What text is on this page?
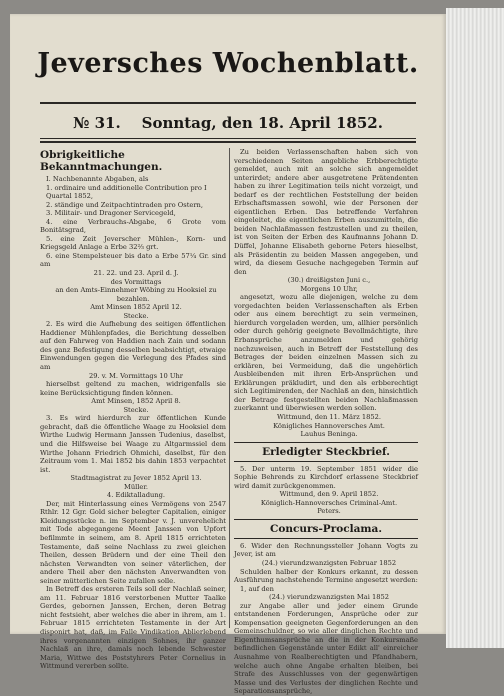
Jeversches Wochenblatt.
№ 31. Sonntag, den 18. April 1852.
Obrigkeitliche Bekanntmachungen.

I. Nachbenannte Abgaben, als

1. ordinaire und additionelle Contribution pro I

Quartal 1852,

2. ständige und Zeitpachtintraden pro Ostern,

3. Militair- und Dragoner Servicegeld,

4. eine Verbrauchs-Abgabe, 6 Grote vom Bonitätsgrad,

5. eine Zeit Jeverscher Mühlen-, Korn- und Kriegsgeld Anlage a Erbe 32⅔ grt.

6. eine Stempelsteuer bis dato a Erbe 57¼ Gr. sind am

21. 22. und 23. April d. J.

des Vormittags

an den Amts-Einnehmer Wöbing zu Hooksiel zu bezahlen.

Amt Minsen 1852 April 12.

Stecke.

2. Es wird die Aufhebung des seitigen öffentlichen Haddiener Mühlenpfades, die Berichtung desselben auf den Fahrweg von Haddien nach Zain und sodann des ganz Befestigung desselben beabsichtigt, etwaige Einwendungen gegen die Verlegung des Pfades sind am

29. v. M. Vormittags 10 Uhr

hierselbst geltend zu machen, widrigenfalls sie keine Berücksichtigung finden können.

Amt Minsen, 1852 April 8.

Stecke.

3. Es wird hierdurch zur öffentlichen Kunde gebracht, daß die öffentliche Waage zu Hooksiel dem Wirthe Ludwig Hermann Janssen Tudenius, daselbst, und die Hilfsweise bei Waage zu Altgarmssiel dem Wirthe Johann Friedrich Ohmichi, daselbst, für den Zeitraum vom 1. Mai 1852 bis dahin 1853 verpachtet ist.

Stadtmagistrat zu Jever 1852 April 13.

Müller.

4. Ediktalladung.

Der, mit Hinterlassung eines Vermögens von 2547 Rthlr. 12 Ggr. Gold sicher belegter Capitalien, einiger Kleidungsstücke n. im September v. J. unverehelicht mit Tode abgegangene Meent Janssen von Upfort befilmmte in seinem, am 8. April 1815 errichteten Testamente, daß seine Nachlass zu zwei gleichen Theilen, dessen Brüdern und der eine Theil den nächsten Verwandten von seiner väterlichen, der andere Theil aber den nächsten Anverwandten von seiner mütterlichen Seite zufallen solle.

In Betreff des ersteren Teils soll der Nachlaß seiner, am 11. Februar 1816 verstorbenen Mutter Taalke Gerdes, gebornen Janssen, Erchen, deren Betrag nicht festsieht, aber welches die aber in ihrem, am 1. Februar 1815 errichteten Testamente in der Art disponirt hat, daß, im Falle Vindikation Ablierlebend ihres vorgenannten einzigen Sohnes, ihr ganzer Nachlaß an ihre, damals noch lebende Schwester Maria, Wittwe des Poststyhrers Peter Cornelius in Wittmund vererben sollte.

Zu beiden Verlassenschaften haben sich von verschiedenen Seiten angebliche Erbberechtigte gemeldet, auch mit an solche sich angemeldet unterirdet; andere aber ausgetretene Prätendenten haben zu ihrer Legitimation teils nicht vorzeigt, und bedarf es der rechtlichen Feststellung der beiden Erbschaftsmassen sowohl, wie der Personen der eigentlichen Erben. Das betreffende Verfahren eingeleitet, die eigentlichen Erben auszumitteln, die beiden Nachlaßmassen festzustellen und zu theilen, ist von Seiten der Erben des Kaufmanns Johann D. Düffel, Johanne Elisabeth geborne Peters hieselbst, als Präsidentin zu beiden Massen angegeben, und wird, da diesem Gesuche nachgegeben Termin auf den

(30.) dreißigsten Juni c.,

Morgens 10 Uhr,

angesetzt, wozu alle diejenigen, welche zu dem vorgedachten beiden Verlassenschaften als Erben oder aus einem berechtigt zu sein vermeinen, hierdurch vorgeladen werden, um, allhier persönlich oder durch gehörig geeignete Bevollmächtigte, ihre Erbansprüche anzumelden und gehörig nachzuweisen, auch in Betreff der Feststellung des Betrages der beiden einzelnen Massen sich zu erklären, bei Vermeidung, daß die ungehörlich Ausbleibenden mit ihren Erb-Ansprüchen und Erklärungen präkludirt, und den als erbberechtigt sich Legitimirenden, der Nachlaß an den, hinsichtlich der Betrage festgestellten beiden Nachlaßmassen zuerkannt und überwiesen werden sollen.

Wittmund, den 11. März 1852.

Königliches Hannoversches Amt.

Lauhus Beninga.

Erledigter Steckbrief.

5. Der unterm 19. September 1851 wider die Sophie Behrends zu Kirchdorf erlassene Steckbrief wird damit zurückgenommen.

Wittmund, den 9. April 1852.

Königlich-Hannoversches Criminal-Amt.

Peters.

Concurs-Proclama.

6. Wider den Rechnungssteller Johann Vogts zu Jever, ist am

(24.) vierundzwanzigsten Februar 1852

Schulden halber der Konkurs erkannt, zu dessen Ausführung nachstehende Termine angesetzt werden:

1, auf den

(24.) vierundzwanzigsten Mai 1852

zur Angabe aller und jeder einem Grunde entstandenen Forderungen, Ansprüche oder zur Kompensation geeigneten Gegenforderungen an den Gemeinschuldner, so wie aller dinglichen Rechte und Eigenthumsansprüche an die in der Konkursmaße befindlichen Gegenstände unter Edikt all' einreicher Ausnahme von Realberechtigten und Pfandhabern, welche auch ohne Angabe erhalten bleiben, bei Strafe des Ausschlusses von der gegenwärtigen Masse und des Verlustes der dinglichen Rechte und Separationsansprüche,
